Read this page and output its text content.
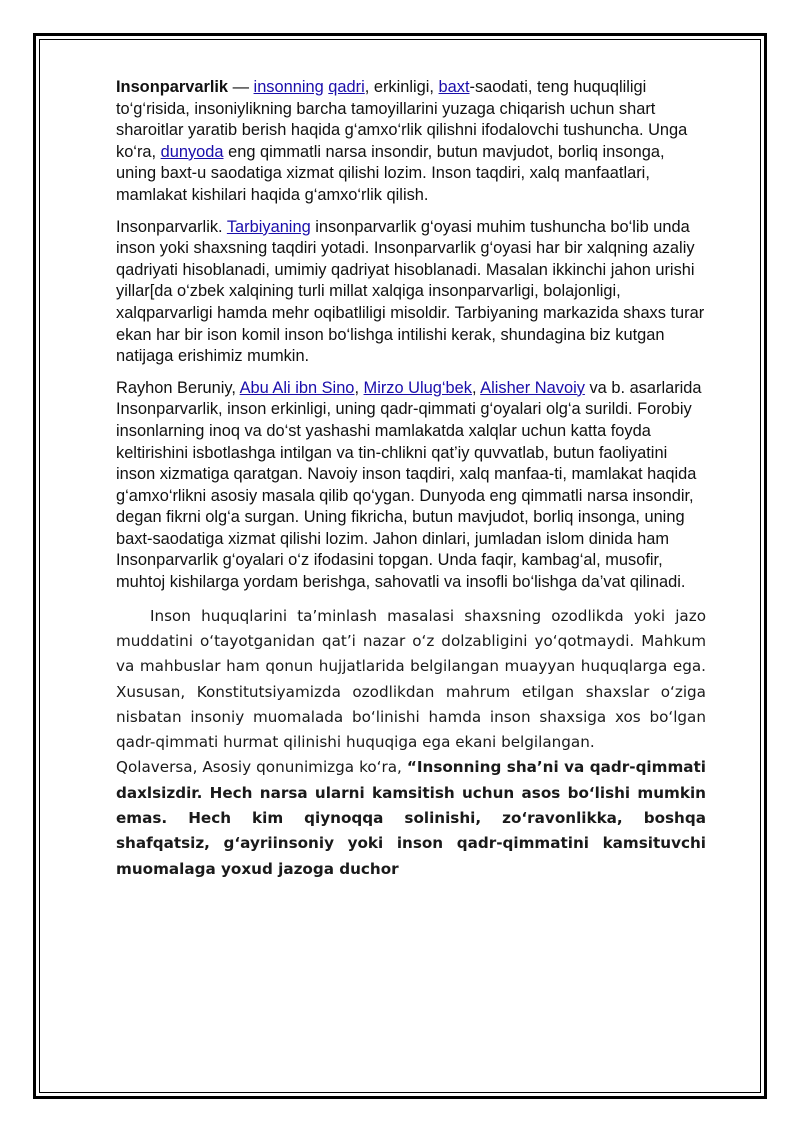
Insonparvarlik — insonning qadri, erkinligi, baxt-saodati, teng huquqliligi to‘g‘risida, insoniylikning barcha tamoyillarini yuzaga chiqarish uchun shart sharoitlar yaratib berish haqida g‘amxo‘rlik qilishni ifodalovchi tushuncha. Unga ko‘ra, dunyoda eng qimmatli narsa insondir, butun mavjudot, borliq insonga, uning baxt-u saodatiga xizmat qilishi lozim. Inson taqdiri, xalq manfaatlari, mamlakat kishilari haqida g‘amxo‘rlik qilish.

Insonparvarlik. Tarbiyaning insonparvarlik g‘oyasi muhim tushuncha bo‘lib unda inson yoki shaxsning taqdiri yotadi. Insonparvarlik g‘oyasi har bir xalqning azaliy qadriyati hisoblanadi, umimiy qadriyat hisoblanadi. Masalan ikkinchi jahon urishi yillar[da o‘zbek xalqining turli millat xalqiga insonparvarligi, bolajonligi, xalqparvarligi hamda mehr oqibatliligi misoldir. Tarbiyaning markazida shaxs turar ekan har bir ison komil inson bo‘lishga intilishi kerak, shundagina biz kutgan natijaga erishimiz mumkin.

Rayhon Beruniy, Abu Ali ibn Sino, Mirzo Ulug‘bek, Alisher Navoiy va b. asarlarida Insonparvarlik, inson erkinligi, uning qadr-qimmati g‘oyalari olg‘a surildi. Forobiy insonlarning inoq va do‘st yashashi mamlakatda xalqlar uchun katta foyda keltirishini isbotlashga intilgan va tin-chlikni qat’iy quvvatlab, butun faoliyatini inson xizmatiga qaratgan. Navoiy inson taqdiri, xalq manfaa-ti, mamlakat haqida g‘amxo‘rlikni asosiy masala qilib qo‘ygan. Dunyoda eng qimmatli narsa insondir, degan fikrni olg‘a surgan. Uning fikricha, butun mavjudot, borliq insonga, uning baxt-saodatiga xizmat qilishi lozim. Jahon dinlari, jumladan islom dinida ham Insonparvarlik g‘oyalari o‘z ifodasini topgan. Unda faqir, kambag‘al, musofir, muhtoj kishilarga yordam berishga, sahovatli va insofli bo‘lishga da’vat qilinadi.

Inson huquqlarini ta’minlash masalasi shaxsning ozodlikda yoki jazo muddatini o‘tayotganidan qat’i nazar o‘z dolzabligini yo‘qotmaydi. Mahkum va mahbuslar ham qonun hujjatlarida belgilangan muayyan huquqlarga ega. Xususan, Konstitutsiyamizda ozodlikdan mahrum etilgan shaxslar o‘ziga nisbatan insoniy muomalada bo‘linishi hamda inson shaxsiga xos bo‘lgan qadr-qimmati hurmat qilinishi huquqiga ega ekani belgilangan.

Qolaversa, Asosiy qonunimizga ko‘ra, “Insonning sha’ni va qadr-qimmati daxlsizdir. Hech narsa ularni kamsitish uchun asos bo‘lishi mumkin emas. Hech kim qiynoqqa solinishi, zo‘ravonlikka, boshqa shafqatsiz, g‘ayriinsoniy yoki inson qadr-qimmatini kamsituvchi muomalaga yoxud jazoga duchor
